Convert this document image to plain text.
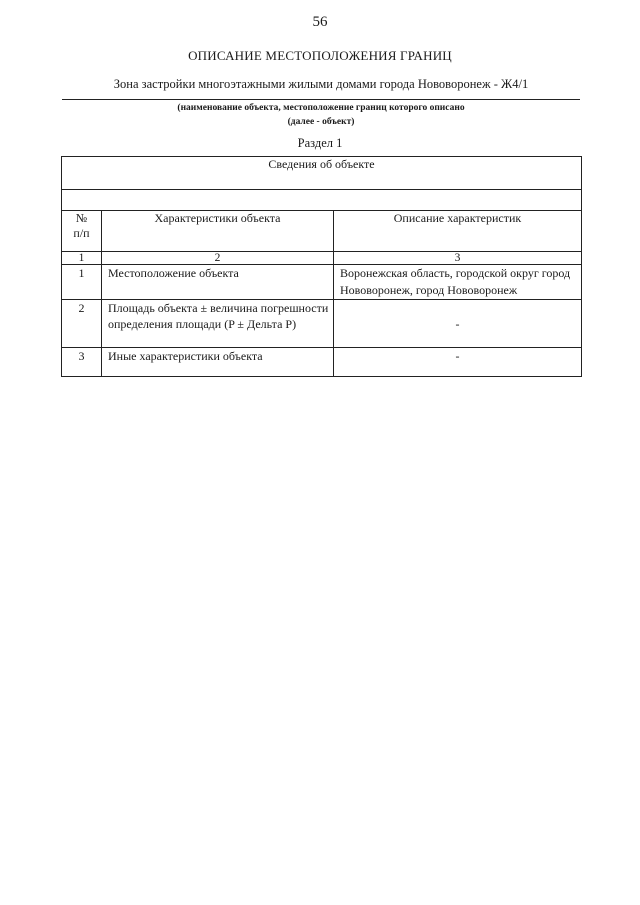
56
ОПИСАНИЕ МЕСТОПОЛОЖЕНИЯ ГРАНИЦ
Зона застройки многоэтажными жилыми домами города Нововоронеж - Ж4/1
(наименование объекта, местоположение границ которого описано
(далее - объект)
Раздел 1
Сведения об объекте		

№ п/п	Характеристики объекта	Описание характеристик
1	2	3
1	Местоположение объекта	Воронежская область, городской округ город Нововоронеж, город Нововоронеж
2	Площадь объекта ± величина погрешности определения площади (P ± Дельта P)	-
3	Иные характеристики объекта	-
